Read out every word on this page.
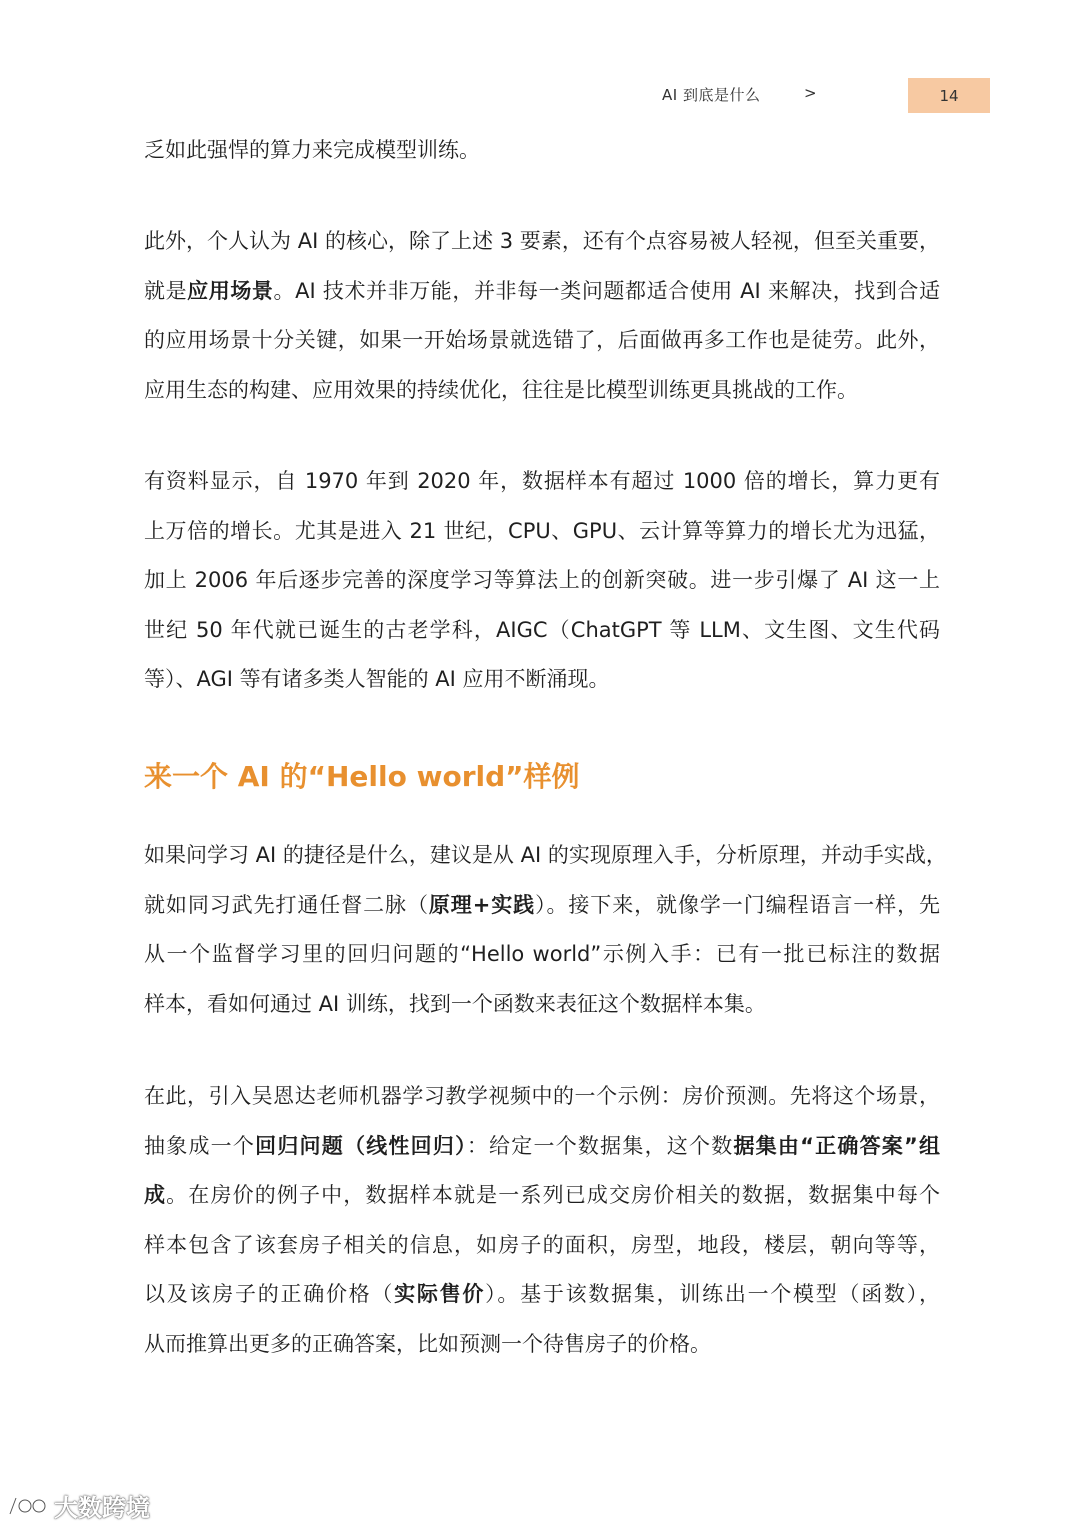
AI 到底是什么	>	14

乏如此强悍的算力来完成模型训练。

此外，个人认为 AI 的核心，除了上述 3 要素，还有个点容易被人轻视，但至关重要，
就是应用场景。AI 技术并非万能，并非每一类问题都适合使用 AI 来解决，找到合适
的应用场景十分关键，如果一开始场景就选错了，后面做再多工作也是徒劳。此外，
应用生态的构建、应用效果的持续优化，往往是比模型训练更具挑战的工作。

有资料显示，自 1970 年到 2020 年，数据样本有超过 1000 倍的增长，算力更有
上万倍的增长。尤其是进入 21 世纪，CPU、GPU、云计算等算力的增长尤为迅猛，
加上 2006 年后逐步完善的深度学习等算法上的创新突破。进一步引爆了 AI 这一上
世纪 50 年代就已诞生的古老学科，AIGC（ChatGPT 等 LLM、文生图、文生代码
等）、AGI 等有诸多类人智能的 AI 应用不断涌现。

来一个 AI 的“Hello world”样例

如果问学习 AI 的捷径是什么，建议是从 AI 的实现原理入手，分析原理，并动手实战，
就如同习武先打通任督二脉（原理+实践）。接下来，就像学一门编程语言一样，先
从一个监督学习里的回归问题的“Hello world”示例入手：已有一批已标注的数据
样本，看如何通过 AI 训练，找到一个函数来表征这个数据样本集。

在此，引入吴恩达老师机器学习教学视频中的一个示例：房价预测。先将这个场景，
抽象成一个回归问题（线性回归）：给定一个数据集，这个数据集由“正确答案”组
成。在房价的例子中，数据样本就是一系列已成交房价相关的数据，数据集中每个
样本包含了该套房子相关的信息，如房子的面积，房型，地段，楼层，朝向等等，
以及该房子的正确价格（实际售价）。基于该数据集，训练出一个模型（函数），
从而推算出更多的正确答案，比如预测一个待售房子的价格。

大数跨境
